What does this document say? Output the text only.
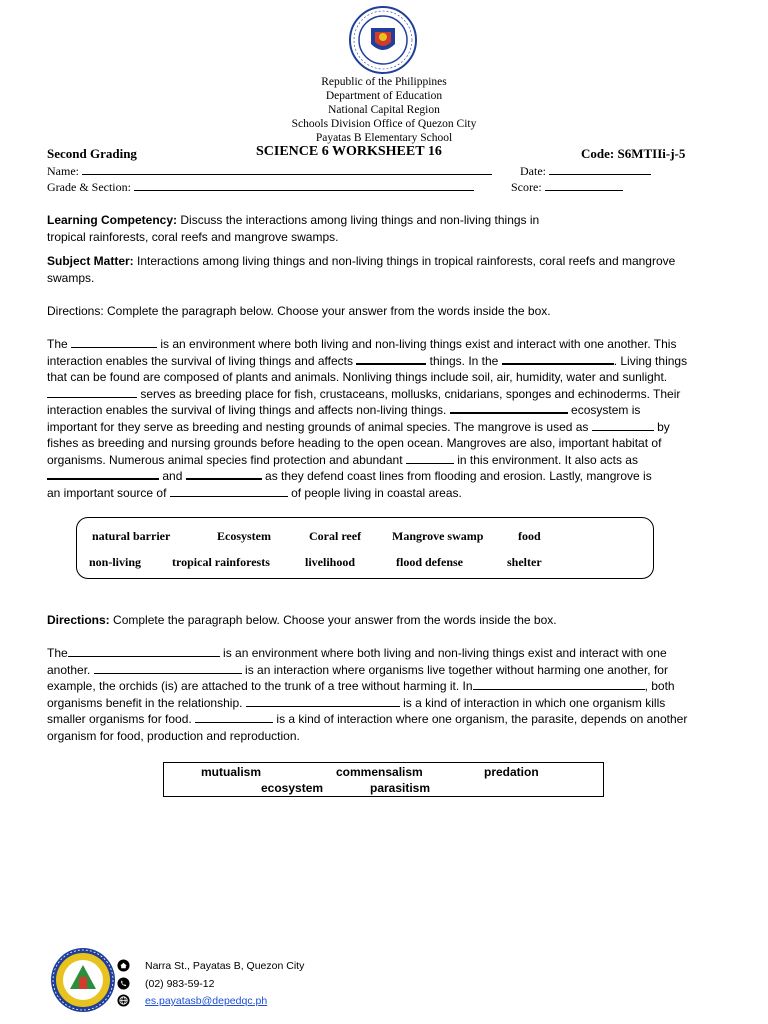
Republic of the Philippines
Department of Education
National Capital Region
Schools Division Office of Quezon City
Payatas B Elementary School
Second Grading	SCIENCE 6 WORKSHEET 16	Code: S6MTIIi-j-5
Name:	Date:
Grade & Section:	Score:

Learning Competency: Discuss the interactions among living things and non-living things in

tropical rainforests, coral reefs and mangrove swamps.

Subject Matter: Interactions among living things and non-living things in tropical rainforests, coral reefs and mangrove

swamps.

Directions: Complete the paragraph below. Choose your answer from the words inside the box.

The	is an environment where both living and non-living things exist and interact with one another. This

interaction enables the survival of living things and affects	things. In the	. Living things

that can be found are composed of plants and animals. Nonliving things include soil, air, humidity, water and sunlight.

serves as breeding place for fish, crustaceans, mollusks, cnidarians, sponges and echinoderms. Their

interaction enables the survival of living things and affects non-living things.	ecosystem is

important for they serve as breeding and nesting grounds of animal species. The mangrove is used as	by

fishes as breeding and nursing grounds before heading to the open ocean. Mangroves are also, important habitat of

organisms. Numerous animal species find protection and abundant	in this environment. It also acts as

and	as they defend coast lines from flooding and erosion. Lastly, mangrove is

an important source of	of people living in coastal areas.

natural barrier	Ecosystem	Coral reef	Mangrove swamp	food
non-living	tropical rainforests	livelihood	flood defense	shelter

Directions: Complete the paragraph below. Choose your answer from the words inside the box.

The	is an environment where both living and non-living things exist and interact with one

another.	is an interaction where organisms live together without harming one another, for

example, the orchids (is) are attached to the trunk of a tree without harming it. In	, both

organisms benefit in the relationship.	is a kind of interaction in which one organism kills

smaller organisms for food.	is a kind of interaction where one organism, the parasite, depends on another

organism for food, production and reproduction.

mutualism	commensalism	predation
ecosystem	parasitism
Narra St., Payatas B, Quezon City
(02) 983-59-12
es.payatasb@depedqc.ph
